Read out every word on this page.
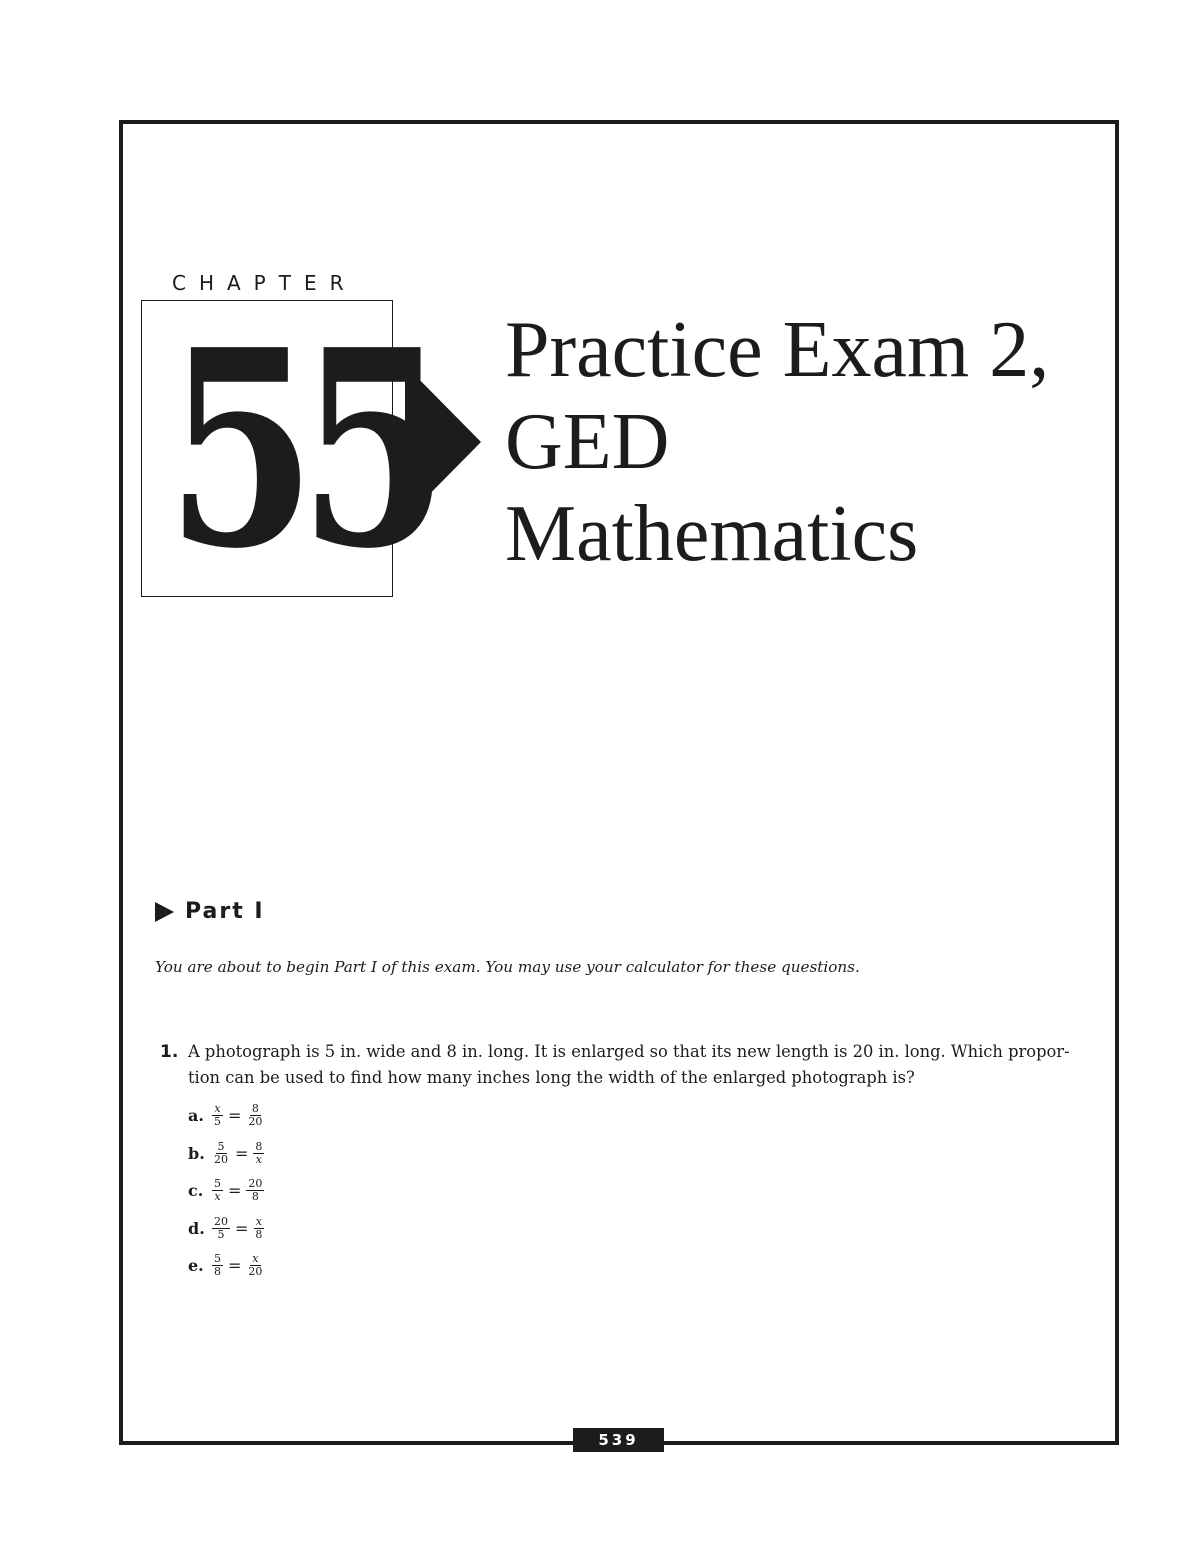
CHAPTER
55 Practice Exam 2,
GED
Mathematics
Part I
You are about to begin Part I of this exam. You may use your calculator for these questions.
1. A photograph is 5 in. wide and 8 in. long. It is enlarged so that its new length is 20 in. long. Which propor-
tion can be used to find how many inches long the width of the enlarged photograph is?
a. $\frac{x}{5} = \frac{8}{20}$
b. $\frac{5}{20} = \frac{8}{x}$
c. $\frac{5}{x} = \frac{20}{8}$
d. $\frac{20}{5} = \frac{x}{8}$
e. $\frac{5}{8} = \frac{x}{20}$
539
